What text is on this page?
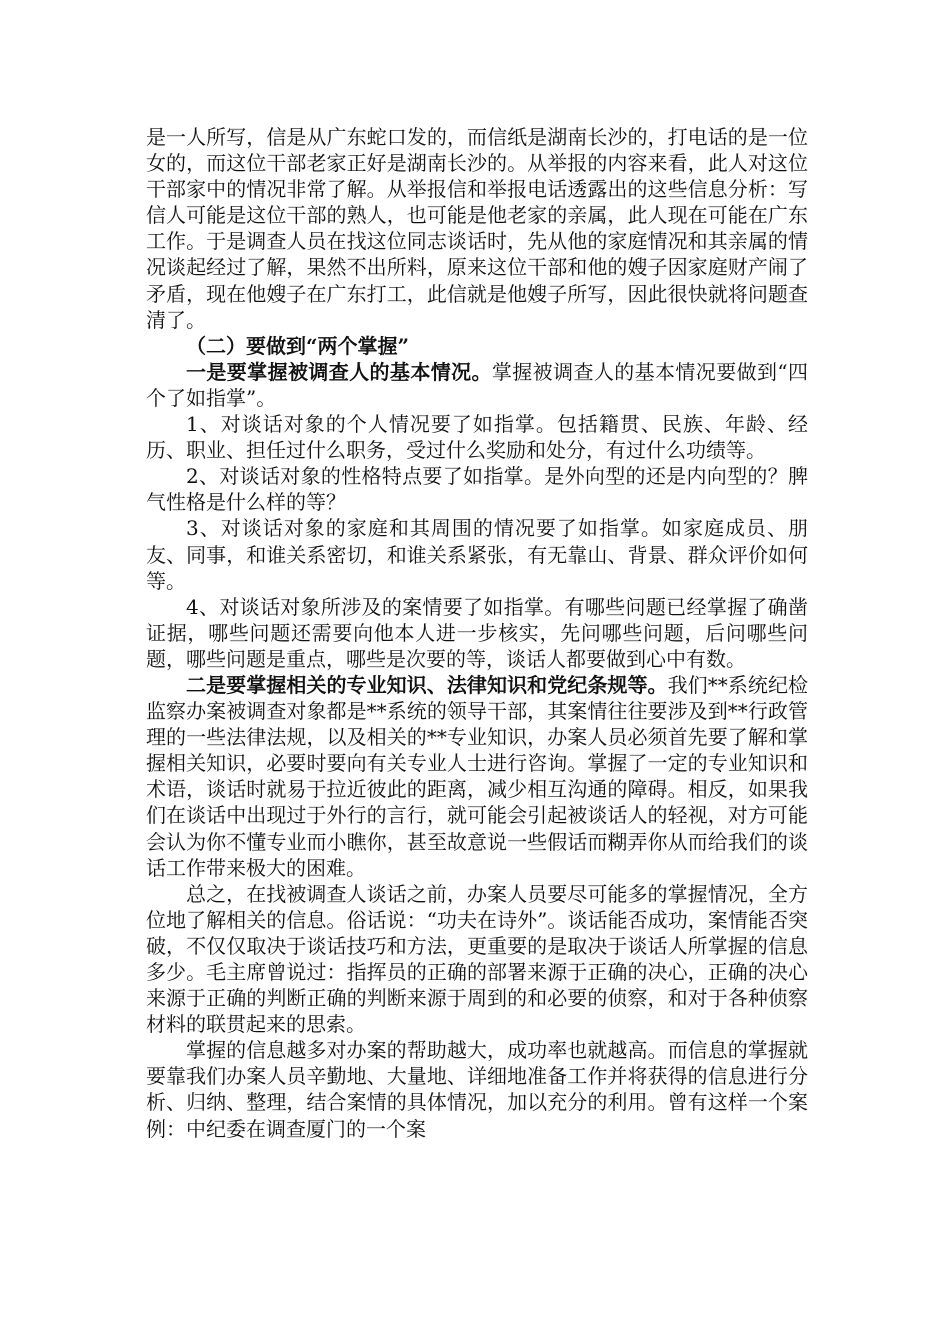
是一人所写，信是从广东蛇口发的，而信纸是湖南长沙的，打电话的是一位女的，而这位干部老家正好是湖南长沙的。从举报的内容来看，此人对这位干部家中的情况非常了解。从举报信和举报电话透露出的这些信息分析：写信人可能是这位干部的熟人，也可能是他老家的亲属，此人现在可能在广东工作。于是调查人员在找这位同志谈话时，先从他的家庭情况和其亲属的情况谈起经过了解，果然不出所料，原来这位干部和他的嫂子因家庭财产闹了矛盾，现在他嫂子在广东打工，此信就是他嫂子所写，因此很快就将问题查清了。

（二）要做到“两个掌握”

一是要掌握被调查人的基本情况。掌握被调查人的基本情况要做到“四个了如指掌”。

1、对谈话对象的个人情况要了如指掌。包括籍贯、民族、年龄、经历、职业、担任过什么职务，受过什么奖励和处分，有过什么功绩等。

2、对谈话对象的性格特点要了如指掌。是外向型的还是内向型的？脾气性格是什么样的等？

3、对谈话对象的家庭和其周围的情况要了如指掌。如家庭成员、朋友、同事，和谁关系密切，和谁关系紧张，有无靠山、背景、群众评价如何等。

4、对谈话对象所涉及的案情要了如指掌。有哪些问题已经掌握了确凿证据，哪些问题还需要向他本人进一步核实，先问哪些问题，后问哪些问题，哪些问题是重点，哪些是次要的等，谈话人都要做到心中有数。

二是要掌握相关的专业知识、法律知识和党纪条规等。我们**系统纪检监察办案被调查对象都是**系统的领导干部，其案情往往要涉及到**行政管理的一些法律法规，以及相关的**专业知识，办案人员必须首先要了解和掌握相关知识，必要时要向有关专业人士进行咨询。掌握了一定的专业知识和术语，谈话时就易于拉近彼此的距离，减少相互沟通的障碍。相反，如果我们在谈话中出现过于外行的言行，就可能会引起被谈话人的轻视，对方可能会认为你不懂专业而小瞧你，甚至故意说一些假话而糊弄你从而给我们的谈话工作带来极大的困难。

总之，在找被调查人谈话之前，办案人员要尽可能多的掌握情况，全方位地了解相关的信息。俗话说：“功夫在诗外”。谈话能否成功，案情能否突破，不仅仅取决于谈话技巧和方法，更重要的是取决于谈话人所掌握的信息多少。毛主席曾说过：指挥员的正确的部署来源于正确的决心，正确的决心来源于正确的判断正确的判断来源于周到的和必要的侦察，和对于各种侦察材料的联贯起来的思索。

掌握的信息越多对办案的帮助越大，成功率也就越高。而信息的掌握就要靠我们办案人员辛勤地、大量地、详细地准备工作并将获得的信息进行分析、归纳、整理，结合案情的具体情况，加以充分的利用。曾有这样一个案例：中纪委在调查厦门的一个案
